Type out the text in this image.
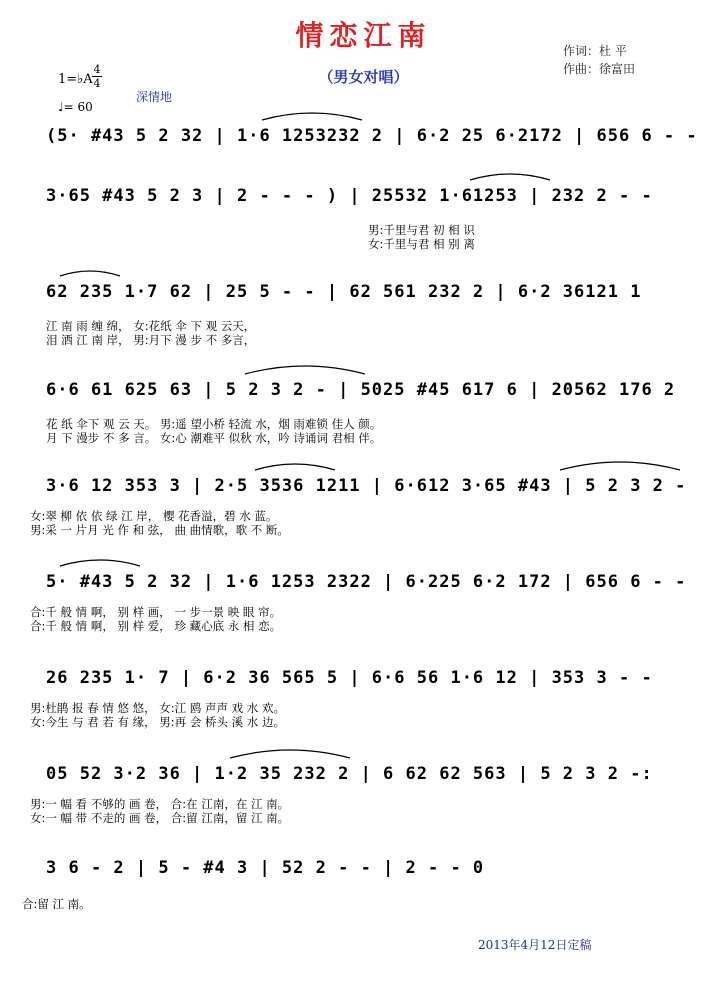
情恋江南
（男女对唱）
作词：杜 平
作曲：徐富田
1=♭A
4
4
♩= 60
深情地
(5· #43 5 2 32 | 1·6 1253232 2 | 6·2 25 6·2172 | 656 6 - -
3·65 #43 5 2 3 | 2 - - - ) | 25532 1·61253 | 232 2 - -
男:千里与君 初 相 识
女:千里与君 相 别 离
62 235 1·7 62 | 25 5 - - | 62 561 232 2 | 6·2 36121 1
江 南 雨 缠 绵， 女:花纸 伞 下 观 云天，
泪 洒 江 南 岸， 男:月下 漫 步 不 多言，
6·6 61 625 63 | 5 2 3 2 - | 5025 #45 617 6 | 20562 176 2
花 纸 伞下 观 云 天。 男:遥 望小桥 轻流 水，烟 雨难锁 佳人 颜。
月 下 漫步 不 多 言。 女:心 潮难平 似秋 水，吟 诗诵词 君相 伴。
3·6 12 353 3 | 2·5 3536 1211 | 6·612 3·65 #43 | 5 2 3 2 -
女:翠 柳 依 依 绿 江 岸， 樱 花香溢，碧 水 蓝。
男:采 一 片月 光 作 和 弦， 曲 曲情歌，歌 不 断。
5· #43 5 2 32 | 1·6 1253 2322 | 6·225 6·2 172 | 656 6 - -
合:千 般 情 啊， 别 样 画， 一 步一景 映 眼 帘。
合:千 般 情 啊， 别 样 爱， 珍 藏心底 永 相 恋。
26 235 1· 7 | 6·2 36 565 5 | 6·6 56 1·6 12 | 353 3 - -
男:杜鹃 报 春 情 悠 悠， 女:江 鸥 声声 戏 水 欢。
女:今生 与 君 若 有 缘， 男:再 会 桥头 溪 水 边。
05 52 3·2 36 | 1·2 35 232 2 | 6 62 62 563 | 5 2 3 2 -:
男:一 幅 看 不够的 画 卷， 合:在 江南，在 江 南。
女:一 幅 带 不走的 画 卷， 合:留 江南，留 江 南。
3 6 - 2 | 5 - #4 3 | 52 2 - - | 2 - - 0
合:留 江 南。
2013年4月12日定稿
